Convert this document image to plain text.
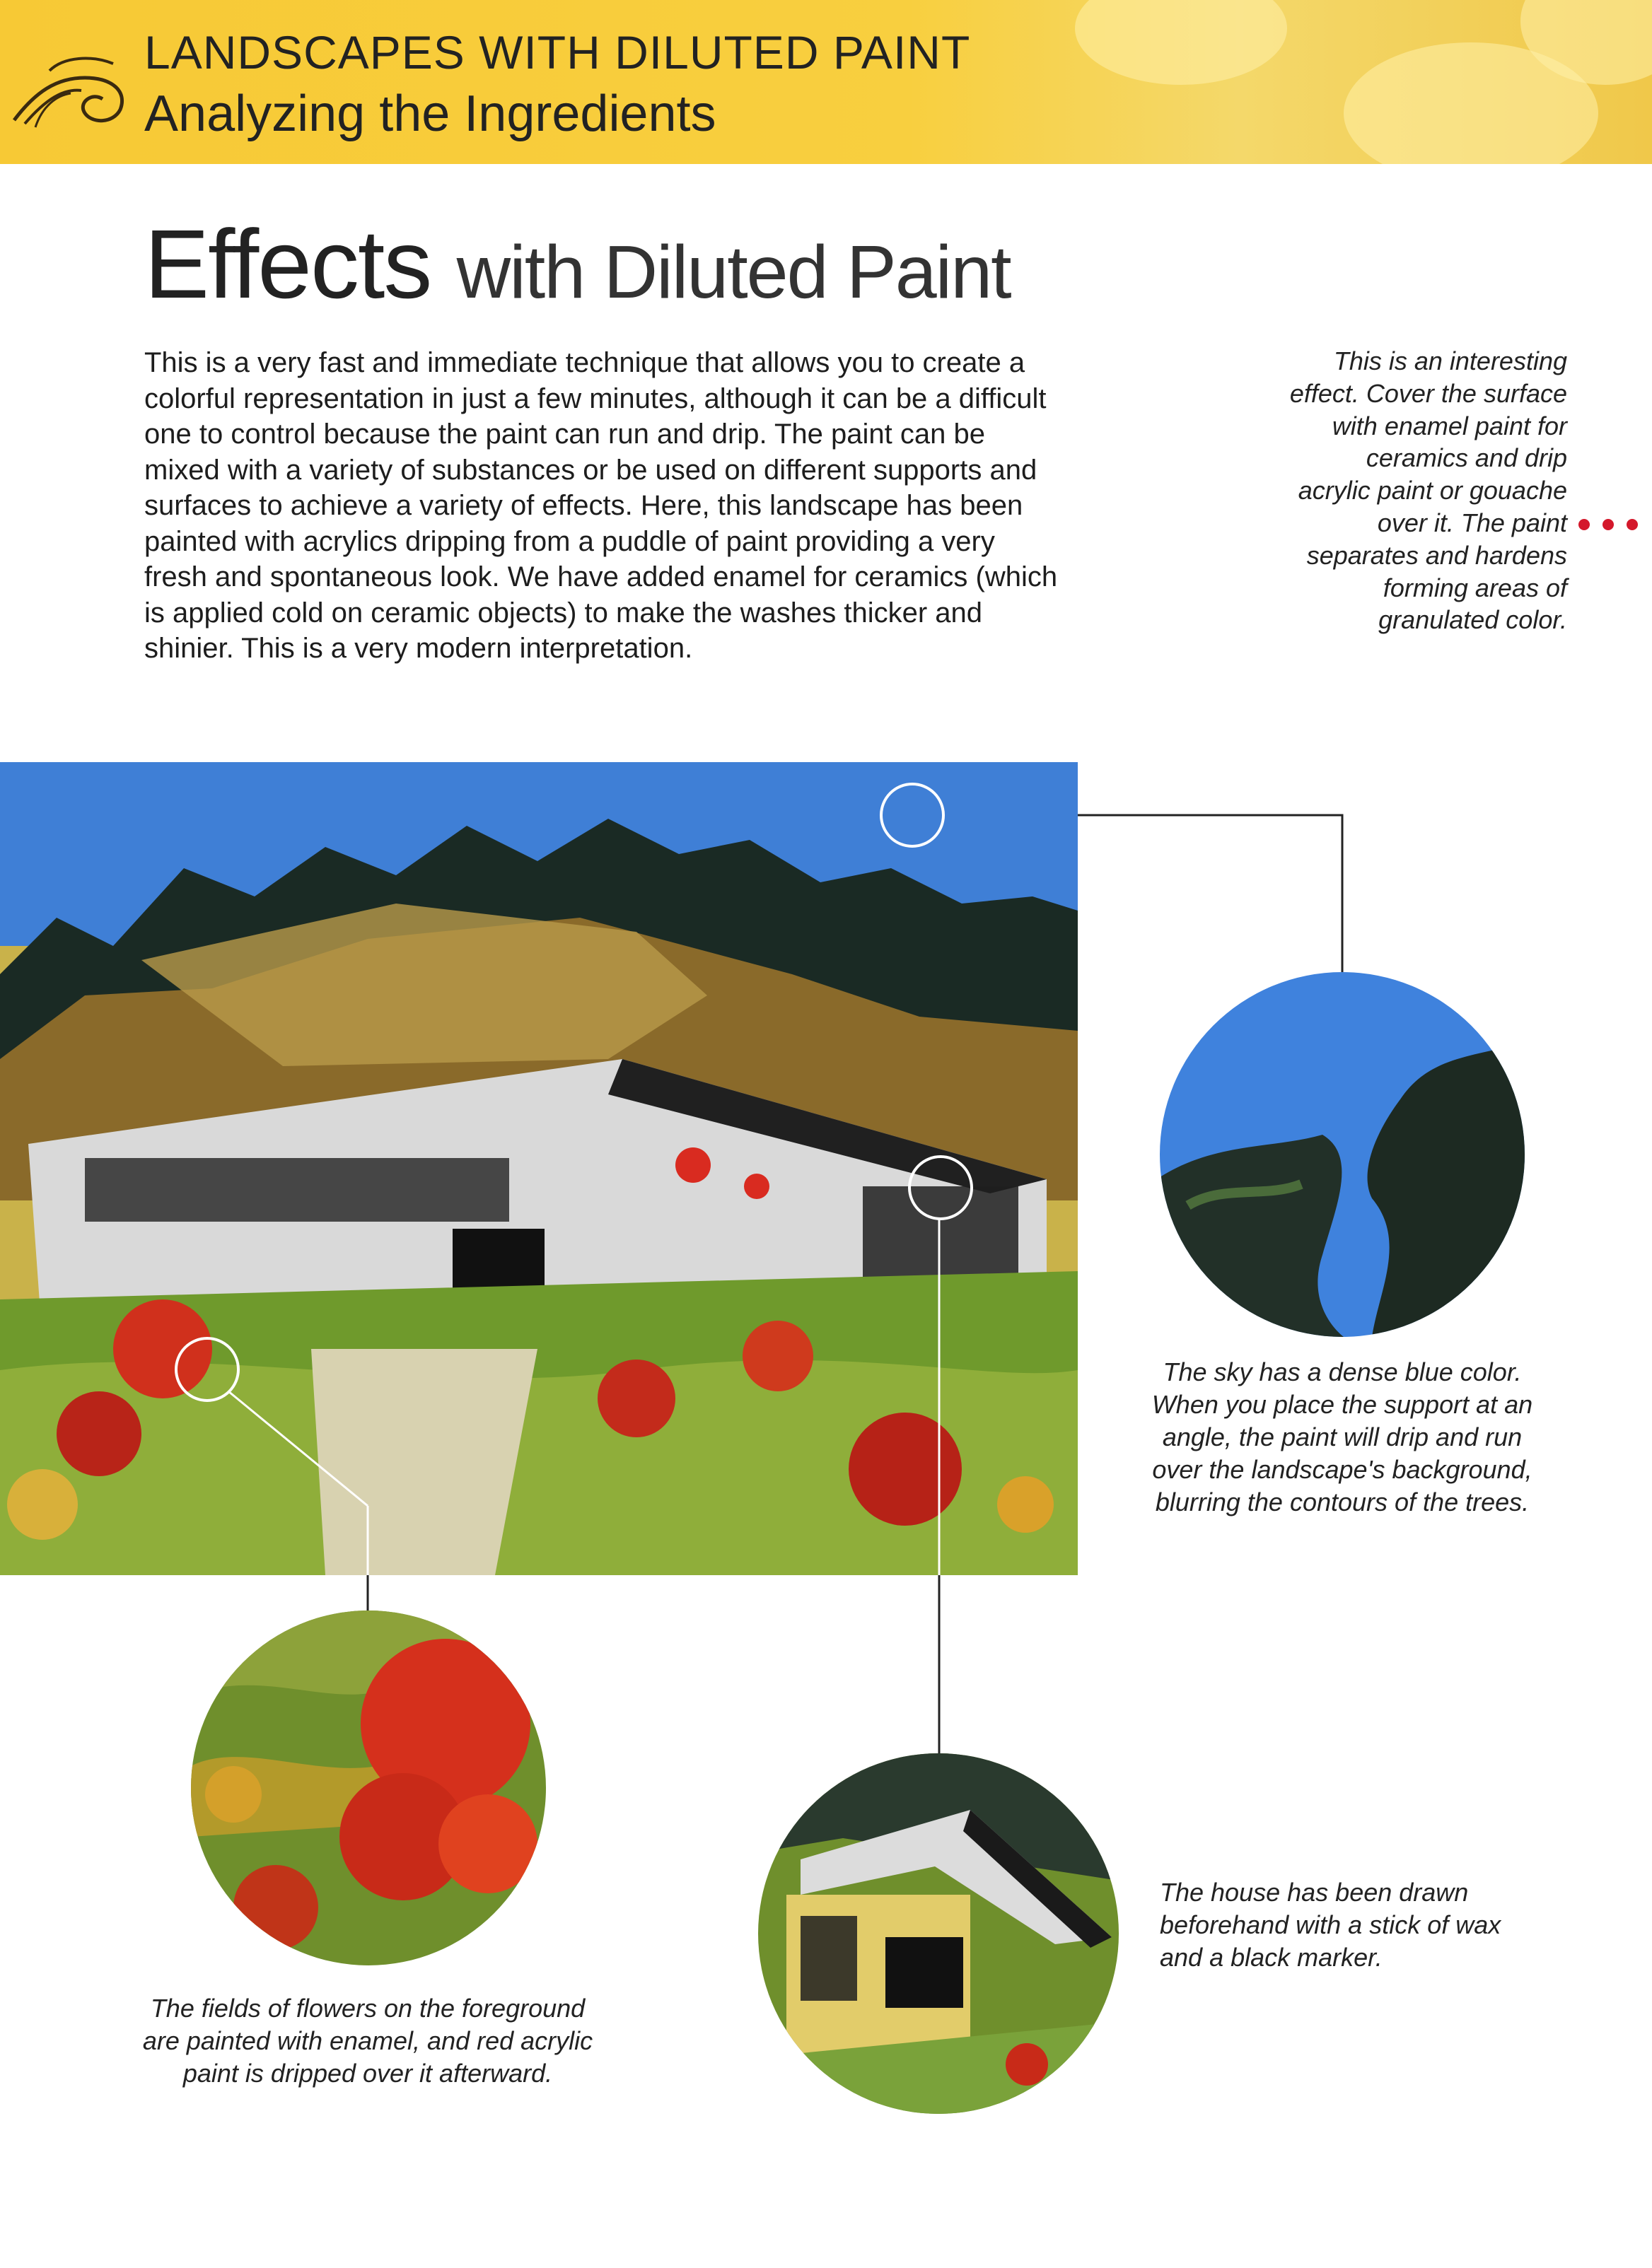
LANDSCAPES WITH DILUTED PAINT
Analyzing the Ingredients
Effects with Diluted Paint
This is a very fast and immediate technique that allows you to create a colorful representation in just a few minutes, although it can be a difficult one to control because the paint can run and drip. The paint can be mixed with a variety of substances or be used on different supports and surfaces to achieve a variety of effects. Here, this landscape has been painted with acrylics dripping from a puddle of paint providing a very fresh and spontaneous look. We have added enamel for ceramics (which is applied cold on ceramic objects) to make the washes thicker and shinier. This is a very modern interpretation.
This is an interesting effect. Cover the surface with enamel paint for ceramics and drip acrylic paint or gouache over it. The paint separates and hardens forming areas of granulated color.
The sky has a dense blue color. When you place the support at an angle, the paint will drip and run over the landscape's background, blurring the contours of the trees.
The fields of flowers on the foreground are painted with enamel, and red acrylic paint is dripped over it afterward.
The house has been drawn beforehand with a stick of wax and a black marker.
